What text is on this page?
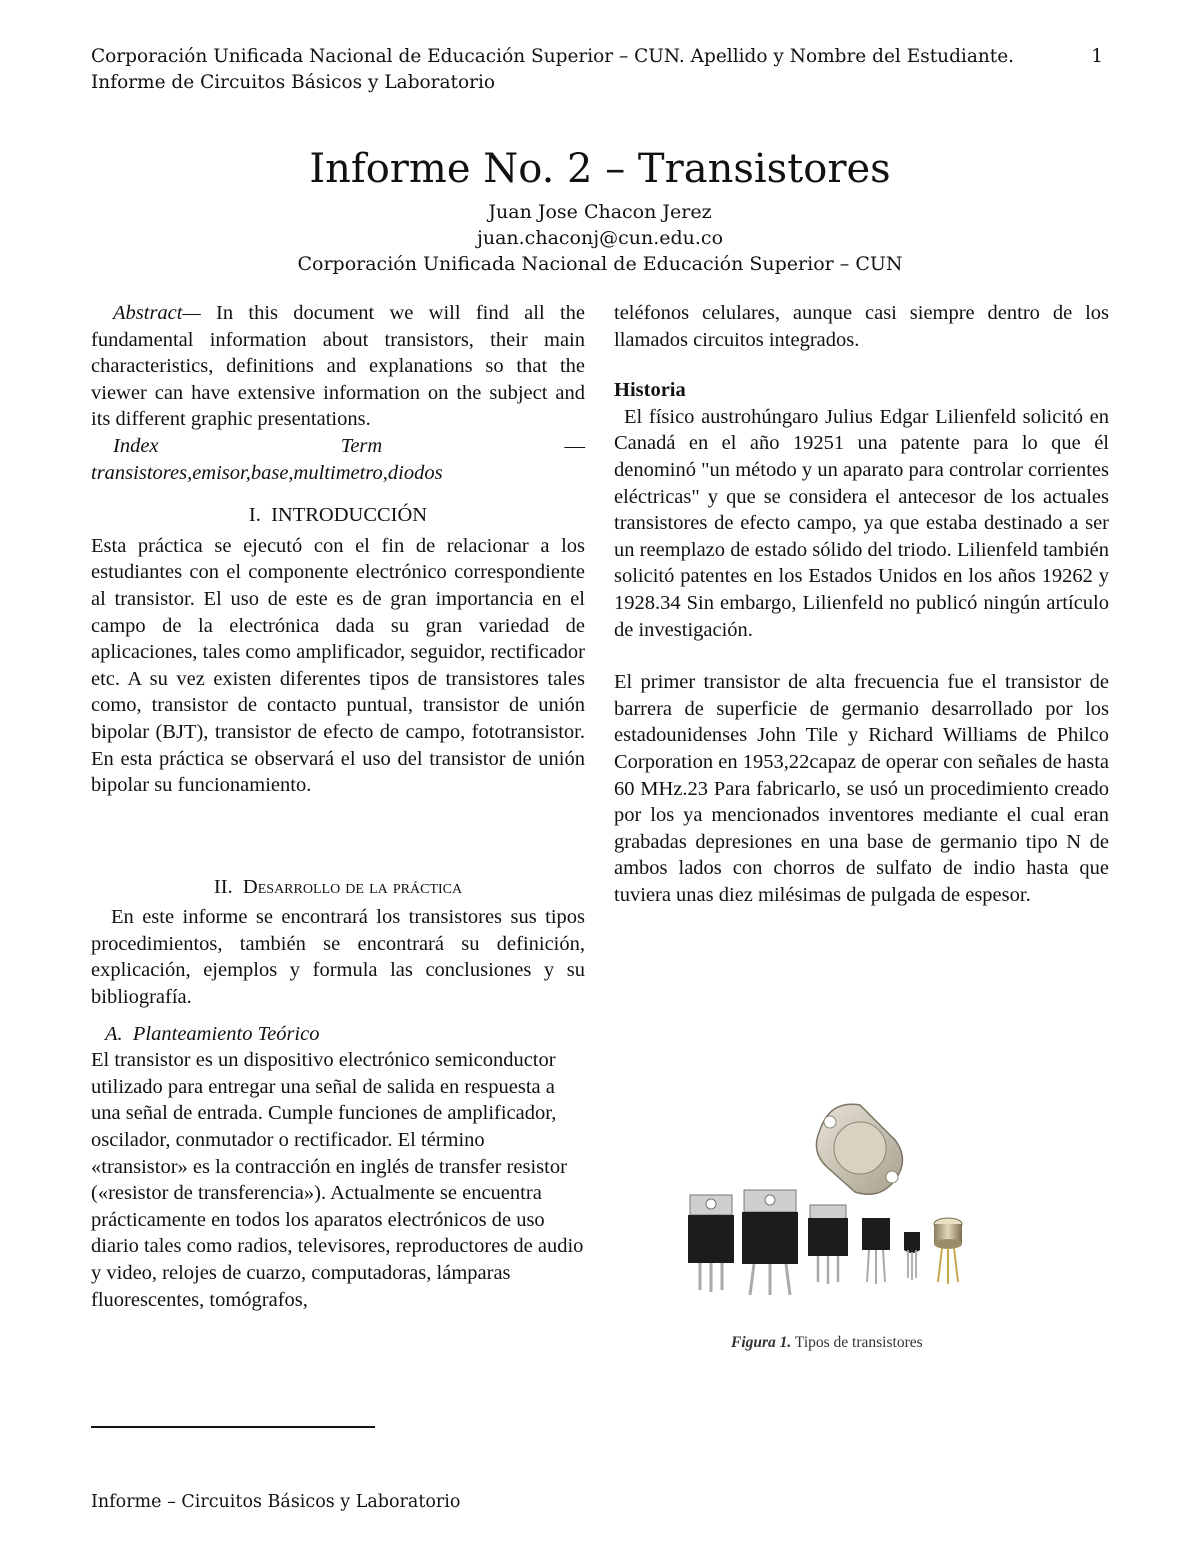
Corporación Unificada Nacional de Educación Superior – CUN. Apellido y Nombre del Estudiante.
Informe de Circuitos Básicos y Laboratorio
1
Informe No. 2 – Transistores
Juan Jose Chacon Jerez
juan.chaconj@cun.edu.co
Corporación Unificada Nacional de Educación Superior – CUN

Abstract— In this document we will find all the fundamental information about transistors, their main characteristics, definitions and explanations so that the viewer can have extensive information on the subject and its different graphic presentations.

Index	Term	—

transistores,emisor,base,multimetro,diodos

I. INTRODUCCIÓN

Esta práctica se ejecutó con el fin de relacionar a los estudiantes con el componente electrónico correspondiente al transistor. El uso de este es de gran importancia en el campo de la electrónica dada su gran variedad de aplicaciones, tales como amplificador, seguidor, rectificador etc. A su vez existen diferentes tipos de transistores tales como, transistor de contacto puntual, transistor de unión bipolar (BJT), transistor de efecto de campo, fototransistor. En esta práctica se observará el uso del transistor de unión bipolar su funcionamiento.

II. Desarrollo de la práctica

En este informe se encontrará los transistores sus tipos procedimientos, también se encontrará su definición, explicación, ejemplos y formula las conclusiones y su bibliografía.

A. Planteamiento Teórico

El transistor es un dispositivo electrónico semiconductor utilizado para entregar una señal de salida en respuesta a una señal de entrada. Cumple funciones de amplificador, oscilador, conmutador o rectificador. El término «transistor» es la contracción en inglés de transfer resistor («resistor de transferencia»). Actualmente se encuentra prácticamente en todos los aparatos electrónicos de uso diario tales como radios, televisores, reproductores de audio y video, relojes de cuarzo, computadoras, lámparas fluorescentes, tomógrafos,

teléfonos celulares, aunque casi siempre dentro de los llamados circuitos integrados.

Historia

El físico austrohúngaro Julius Edgar Lilienfeld solicitó en Canadá en el año 19251 una patente para lo que él denominó "un método y un aparato para controlar corrientes eléctricas" y que se considera el antecesor de los actuales transistores de efecto campo, ya que estaba destinado a ser un reemplazo de estado sólido del triodo. Lilienfeld también solicitó patentes en los Estados Unidos en los años 19262 y 1928.34 Sin embargo, Lilienfeld no publicó ningún artículo de investigación.

El primer transistor de alta frecuencia fue el transistor de barrera de superficie de germanio desarrollado por los estadounidenses John Tile y Richard Williams de Philco Corporation en 1953,22capaz de operar con señales de hasta 60 MHz.23 Para fabricarlo, se usó un procedimiento creado por los ya mencionados inventores mediante el cual eran grabadas depresiones en una base de germanio tipo N de ambos lados con chorros de sulfato de indio hasta que tuviera unas diez milésimas de pulgada de espesor.

Figura 1. Tipos de transistores
Informe – Circuitos Básicos y Laboratorio
